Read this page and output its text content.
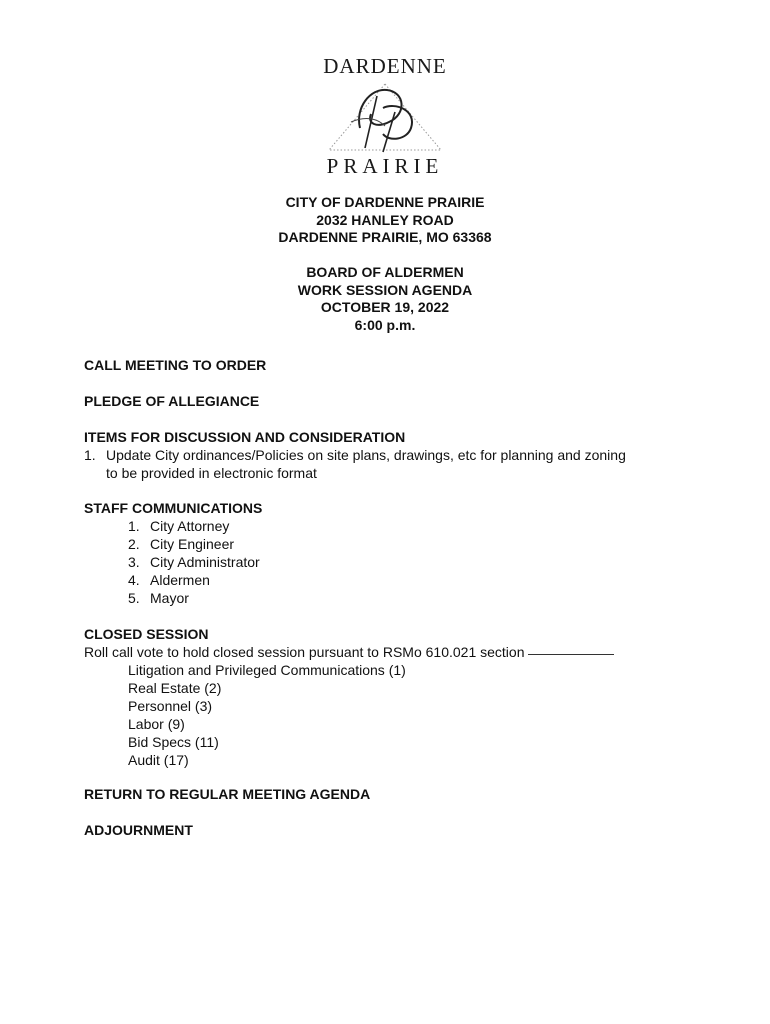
DARDENNE
PRAIRIE
CITY OF DARDENNE PRAIRIE
2032 HANLEY ROAD
DARDENNE PRAIRIE, MO 63368
BOARD OF ALDERMEN
WORK SESSION AGENDA
OCTOBER 19, 2022
6:00 p.m.
CALL MEETING TO ORDER
PLEDGE OF ALLEGIANCE
ITEMS FOR DISCUSSION AND CONSIDERATION
1. Update City ordinances/Policies on site plans, drawings, etc for planning and zoning
to be provided in electronic format
STAFF COMMUNICATIONS
1. City Attorney
2. City Engineer
3. City Administrator
4. Aldermen
5. Mayor
CLOSED SESSION
Roll call vote to hold closed session pursuant to RSMo 610.021 section
Litigation and Privileged Communications (1)
Real Estate (2)
Personnel (3)
Labor (9)
Bid Specs (11)
Audit (17)
RETURN TO REGULAR MEETING AGENDA
ADJOURNMENT
